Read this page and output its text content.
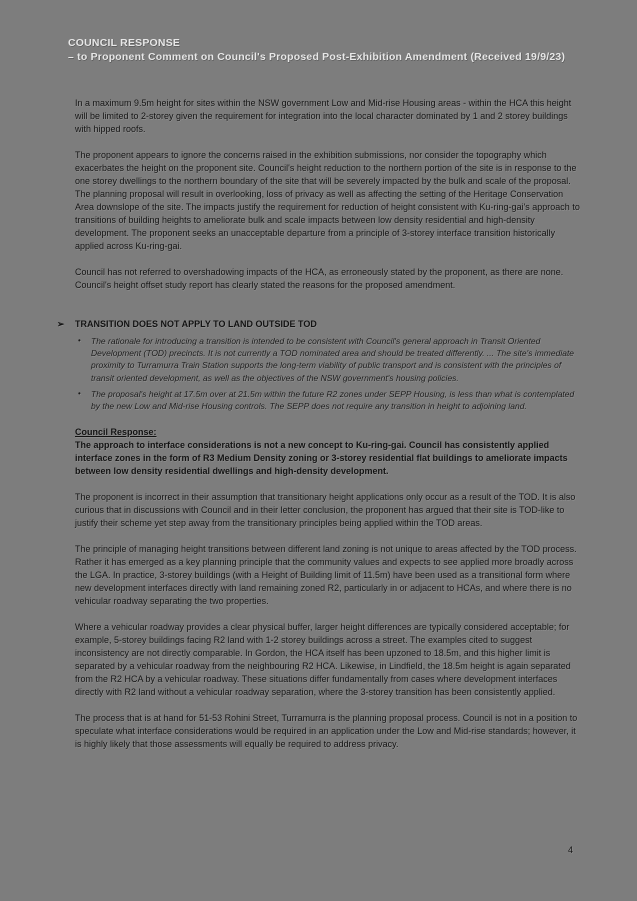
COUNCIL RESPONSE
– to Proponent Comment on Council's Proposed Post-Exhibition Amendment (Received 19/9/23)

In a maximum 9.5m height for sites within the NSW government Low and Mid-rise Housing areas - within the HCA this height will be limited to 2-storey given the requirement for integration into the local character dominated by 1 and 2 storey buildings with hipped roofs.

The proponent appears to ignore the concerns raised in the exhibition submissions, nor consider the topography which exacerbates the height on the proponent site. Council's height reduction to the northern portion of the site is in response to the one storey dwellings to the northern boundary of the site that will be severely impacted by the bulk and scale of the proposal. The planning proposal will result in overlooking, loss of privacy as well as affecting the setting of the Heritage Conservation Area downslope of the site. The impacts justify the requirement for reduction of height consistent with Ku-ring-gai's approach to transitions of building heights to ameliorate bulk and scale impacts between low density residential and high-density development. The proponent seeks an unacceptable departure from a principle of 3-storey interface transition historically applied across Ku-ring-gai.

Council has not referred to overshadowing impacts of the HCA, as erroneously stated by the proponent, as there are none. Council's height offset study report has clearly stated the reasons for the proposed amendment.

➢	TRANSITION DOES NOT APPLY TO LAND OUTSIDE TOD
•	The rationale for introducing a transition is intended to be consistent with Council's general approach in Transit Oriented Development (TOD) precincts. It is not currently a TOD nominated area and should be treated differently. ... The site's immediate proximity to Turramurra Train Station supports the long-term viability of public transport and is consistent with the principles of transit oriented development, as well as the objectives of the NSW government's housing policies.
•	The proposal's height at 17.5m over at 21.5m within the future R2 zones under SEPP Housing, is less than what is contemplated by the new Low and Mid-rise Housing controls. The SEPP does not require any transition in height to adjoining land.

Council Response:

The approach to interface considerations is not a new concept to Ku-ring-gai. Council has consistently applied interface zones in the form of R3 Medium Density zoning or 3-storey residential flat buildings to ameliorate impacts between low density residential dwellings and high-density development.

The proponent is incorrect in their assumption that transitionary height applications only occur as a result of the TOD. It is also curious that in discussions with Council and in their letter conclusion, the proponent has argued that their site is TOD-like to justify their scheme yet step away from the transitionary principles being applied within the TOD areas.

The principle of managing height transitions between different land zoning is not unique to areas affected by the TOD process. Rather it has emerged as a key planning principle that the community values and expects to see applied more broadly across the LGA. In practice, 3-storey buildings (with a Height of Building limit of 11.5m) have been used as a transitional form where new development interfaces directly with land remaining zoned R2, particularly in or adjacent to HCAs, and where there is no vehicular roadway separating the two properties.

Where a vehicular roadway provides a clear physical buffer, larger height differences are typically considered acceptable; for example, 5-storey buildings facing R2 land with 1-2 storey buildings across a street. The examples cited to suggest inconsistency are not directly comparable. In Gordon, the HCA itself has been upzoned to 18.5m, and this higher limit is separated by a vehicular roadway from the neighbouring R2 HCA. Likewise, in Lindfield, the 18.5m height is again separated from the R2 HCA by a vehicular roadway. These situations differ fundamentally from cases where development interfaces directly with R2 land without a vehicular roadway separation, where the 3-storey transition has been consistently applied.

The process that is at hand for 51-53 Rohini Street, Turramurra is the planning proposal process. Council is not in a position to speculate what interface considerations would be required in an application under the Low and Mid-rise standards; however, it is highly likely that those assessments will equally be required to address privacy.

4
